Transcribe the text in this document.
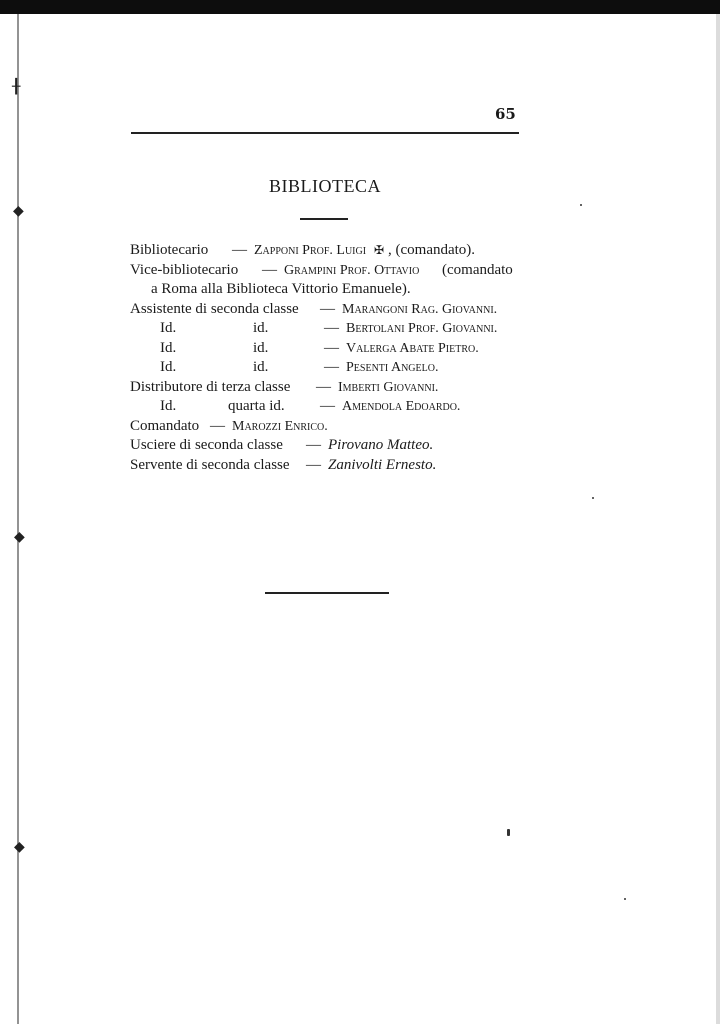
╂
◆
◆
◆
65
BIBLIOTECA
Bibliotecario — Zapponi Prof. Luigi ✠ , (comandato).
Vice-bibliotecario — Grampini Prof. Ottavio (comandato
a Roma alla Biblioteca Vittorio Emanuele).
Assistente di seconda classe — Marangoni Rag. Giovanni.
Id.	id.	— Bertolani Prof. Giovanni.
Id.	id.	— Valerga Abate Pietro.
Id.	id.	— Pesenti Angelo.
Distributore di terza classe — Imberti Giovanni.
Id.	quarta id. — Amendola Edoardo.
Comandato — Marozzi Enrico.
Usciere di seconda classe — Pirovano Matteo.
Servente di seconda classe — Zanivolti Ernesto.
